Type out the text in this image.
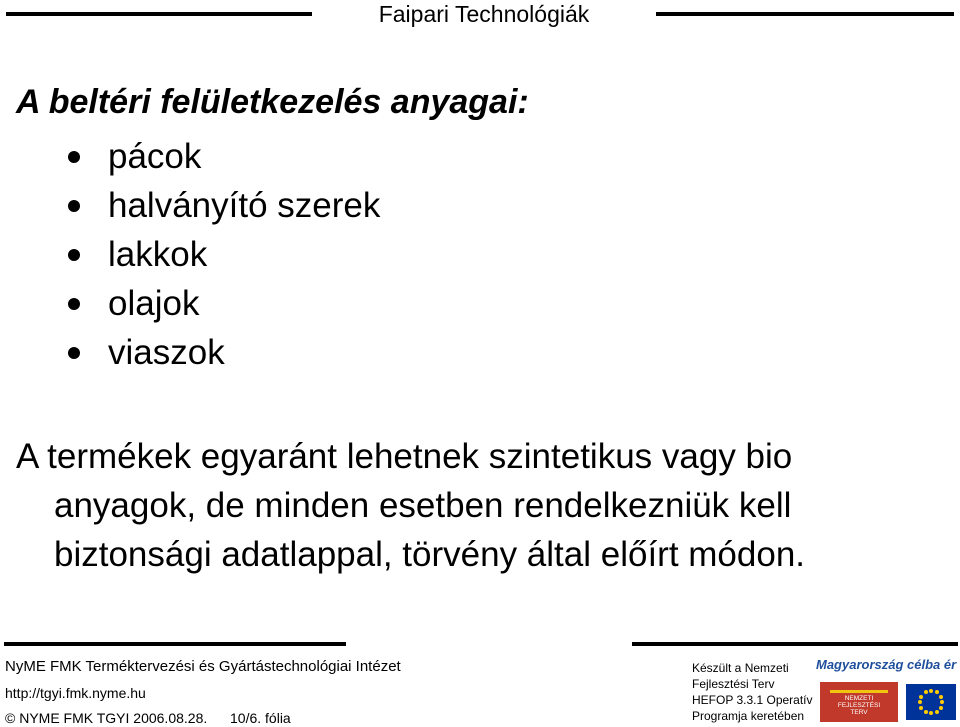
Faipari Technológiák
A beltéri felületkezelés anyagai:
pácok
halványító szerek
lakkok
olajok
viaszok

A termékek egyaránt lehetnek szintetikus vagy bio
anyagok, de minden esetben rendelkezniük kell
biztonsági adatlappal, törvény által előírt módon.

NyME FMK Terméktervezési és Gyártástechnológiai Intézet
http://tgyi.fmk.nyme.hu
© NYME FMK TGYI 2006.08.28. 10/6. fólia
Készült a Nemzeti
Fejlesztési Terv
HEFOP 3.3.1 Operatív
Programja keretében
Magyarország célba ér
NEMZETI
FEJLESZTÉSI
TERV
